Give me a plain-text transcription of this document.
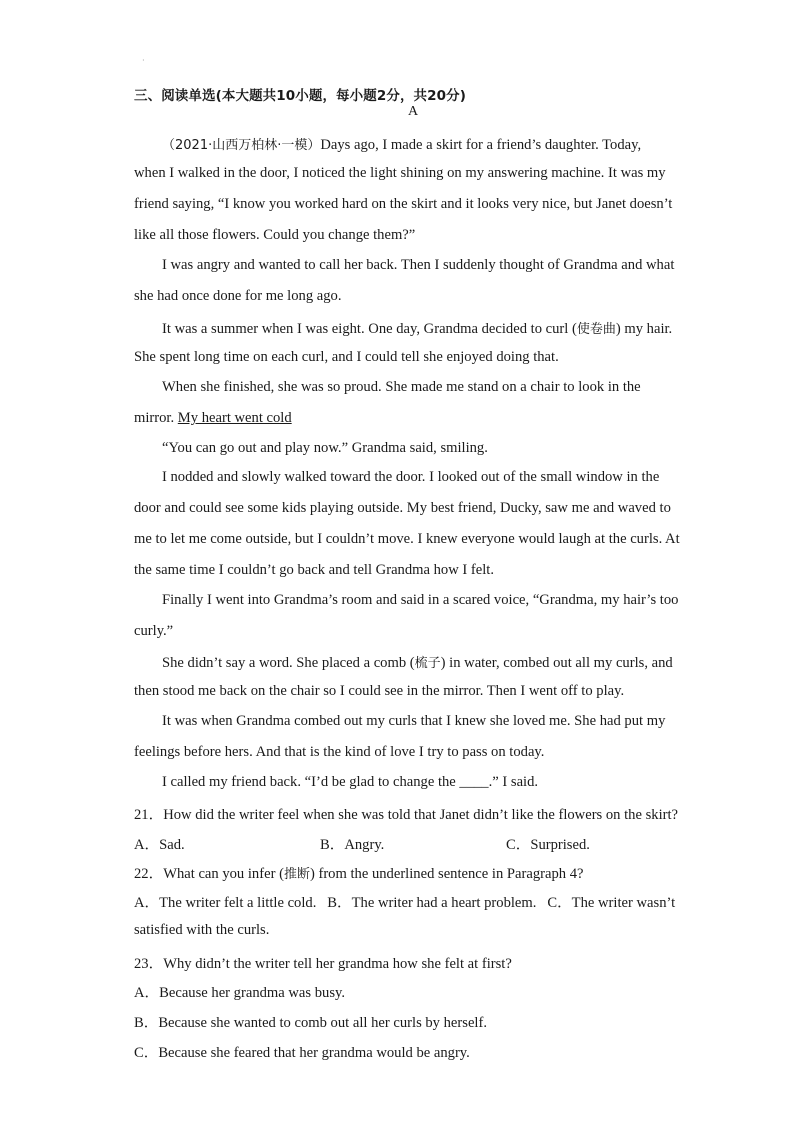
·
三、阅读单选(本大题共10小题，每小题2分，共20分)
A
（2021·山西万柏林·一模）Days ago, I made a skirt for a friend’s daughter. Today,
when I walked in the door, I noticed the light shining on my answering machine. It was my
friend saying, “I know you worked hard on the skirt and it looks very nice, but Janet doesn’t
like all those flowers. Could you change them?”
I was angry and wanted to call her back. Then I suddenly thought of Grandma and what
she had once done for me long ago.
It was a summer when I was eight. One day, Grandma decided to curl (使卷曲) my hair.
She spent long time on each curl, and I could tell she enjoyed doing that.
When she finished, she was so proud. She made me stand on a chair to look in the
mirror. My heart went cold
“You can go out and play now.” Grandma said, smiling.
I nodded and slowly walked toward the door. I looked out of the small window in the
door and could see some kids playing outside. My best friend, Ducky, saw me and waved to
me to let me come outside, but I couldn’t move. I knew everyone would laugh at the curls. At
the same time I couldn’t go back and tell Grandma how I felt.
Finally I went into Grandma’s room and said in a scared voice, “Grandma, my hair’s too
curly.”
She didn’t say a word. She placed a comb (梳子) in water, combed out all my curls, and
then stood me back on the chair so I could see in the mirror. Then I went off to play.
It was when Grandma combed out my curls that I knew she loved me. She had put my
feelings before hers. And that is the kind of love I try to pass on today.
I called my friend back. “I’d be glad to change the ____.” I said.
21．How did the writer feel when she was told that Janet didn’t like the flowers on the skirt?
A．Sad.	B．Angry.	C．Surprised.
22．What can you infer (推断) from the underlined sentence in Paragraph 4?
A．The writer felt a little cold.   B．The writer had a heart problem.   C．The writer wasn’t
satisfied with the curls.
23．Why didn’t the writer tell her grandma how she felt at first?
A．Because her grandma was busy.
B．Because she wanted to comb out all her curls by herself.
C．Because she feared that her grandma would be angry.
